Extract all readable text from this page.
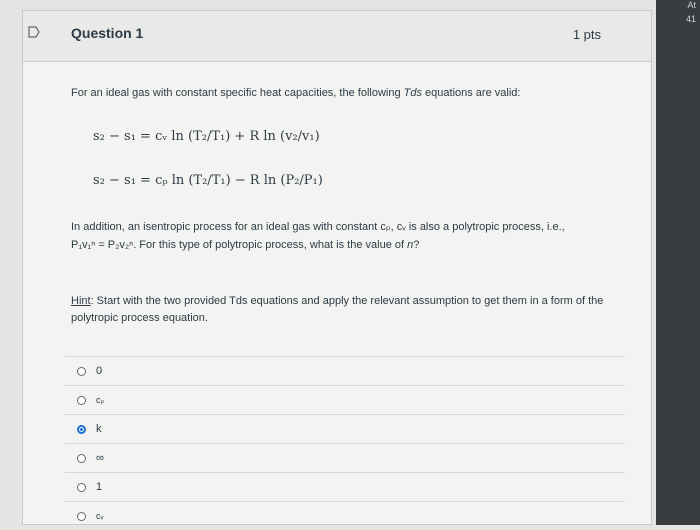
At
41
Question 1	1 pts
For an ideal gas with constant specific heat capacities, the following Tds equations are valid:
s₂ − s₁ = cᵥ ln (T₂/T₁) + R ln (v₂/v₁)
s₂ − s₁ = cₚ ln (T₂/T₁) − R ln (P₂/P₁)
In addition, an isentropic process for an ideal gas with constant cₚ, cᵥ is also a polytropic process, i.e.,
P₁v₁ⁿ = P₂v₂ⁿ. For this type of polytropic process, what is the value of n?
Hint: Start with the two provided Tds equations and apply the relevant assumption to get them in a form of the polytropic process equation.
0
cₚ
k
∞
1
cᵥ
